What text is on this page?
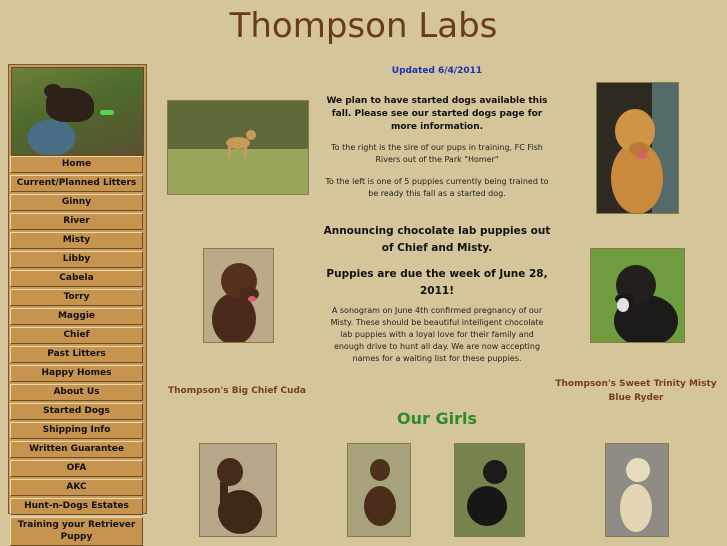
Thompson Labs
Home
Current/Planned Litters
Ginny
River
Misty
Libby
Cabela
Torry
Maggie
Chief
Past Litters
Happy Homes
About Us
Started Dogs
Shipping Info
Written Guarantee
OFA
AKC
Hunt-n-Dogs Estates
Training your Retriever Puppy
Updated 6/4/2011
We plan to have started dogs available this fall. Please see our started dogs page for more information.
To the right is the sire of our pups in training, FC Fish Rivers out of the Park "Homer"
To the left is one of 5 puppies currently being trained to be ready this fall as a started dog.
Announcing chocolate lab puppies out of Chief and Misty.
Puppies are due the week of June 28, 2011!
A sonogram on June 4th confirmed pregnancy of our Misty. These should be beautiful intelligent chocolate lab puppies with a loyal love for their family and enough drive to hunt all day. We are now accepting names for a waiting list for these puppies.
Thompson's Big Chief Cuda
Thompson's Sweet Trinity Misty Blue Ryder
Our Girls
